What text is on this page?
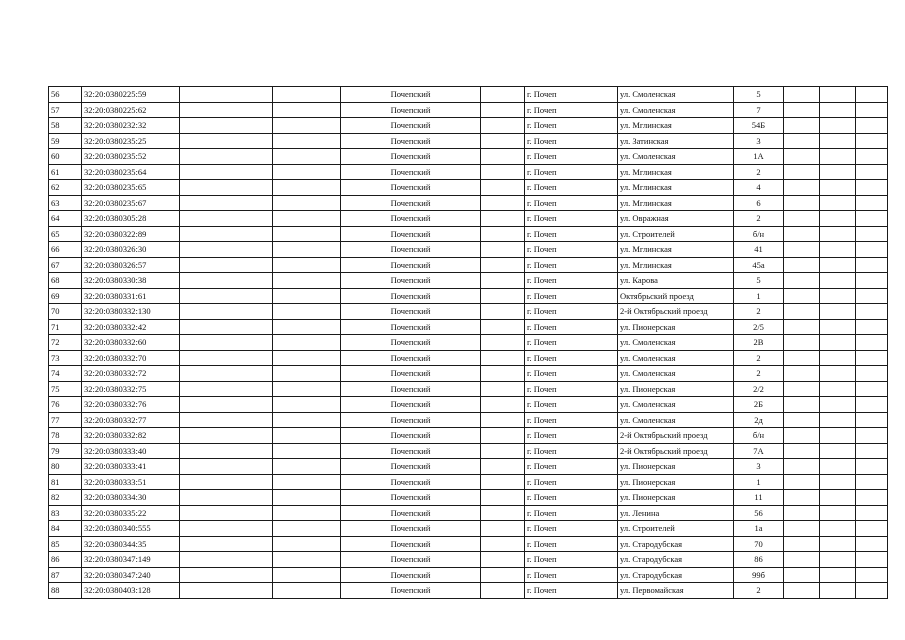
56	32:20:0380225:59			Почепский		г. Почеп	ул. Смоленская	5			
57	32:20:0380225:62			Почепский		г. Почеп	ул. Смоленская	7			
58	32:20:0380232:32			Почепский		г. Почеп	ул. Мглинская	54Б			
59	32:20:0380235:25			Почепский		г. Почеп	ул. Затинская	3			
60	32:20:0380235:52			Почепский		г. Почеп	ул. Смоленская	1А			
61	32:20:0380235:64			Почепский		г. Почеп	ул. Мглинская	2			
62	32:20:0380235:65			Почепский		г. Почеп	ул. Мглинская	4			
63	32:20:0380235:67			Почепский		г. Почеп	ул. Мглинская	6			
64	32:20:0380305:28			Почепский		г. Почеп	ул. Овражная	2			
65	32:20:0380322:89			Почепский		г. Почеп	ул. Строителей	б/н			
66	32:20:0380326:30			Почепский		г. Почеп	ул. Мглинская	41			
67	32:20:0380326:57			Почепский		г. Почеп	ул. Мглинская	45а			
68	32:20:0380330:38			Почепский		г. Почеп	ул. Карова	5			
69	32:20:0380331:61			Почепский		г. Почеп	Октябрьский проезд	1			
70	32:20:0380332:130			Почепский		г. Почеп	2-й Октябрьский проезд	2			
71	32:20:0380332:42			Почепский		г. Почеп	ул. Пионерская	2/5			
72	32:20:0380332:60			Почепский		г. Почеп	ул. Смоленская	2В			
73	32:20:0380332:70			Почепский		г. Почеп	ул. Смоленская	2			
74	32:20:0380332:72			Почепский		г. Почеп	ул. Смоленская	2			
75	32:20:0380332:75			Почепский		г. Почеп	ул. Пионерская	2/2			
76	32:20:0380332:76			Почепский		г. Почеп	ул. Смоленская	2Б			
77	32:20:0380332:77			Почепский		г. Почеп	ул. Смоленская	2д			
78	32:20:0380332:82			Почепский		г. Почеп	2-й Октябрьский проезд	б/н			
79	32:20:0380333:40			Почепский		г. Почеп	2-й Октябрьский проезд	7А			
80	32:20:0380333:41			Почепский		г. Почеп	ул. Пионерская	3			
81	32:20:0380333:51			Почепский		г. Почеп	ул. Пионерская	1			
82	32:20:0380334:30			Почепский		г. Почеп	ул. Пионерская	11			
83	32:20:0380335:22			Почепский		г. Почеп	ул. Ленина	56			
84	32:20:0380340:555			Почепский		г. Почеп	ул. Строителей	1а			
85	32:20:0380344:35			Почепский		г. Почеп	ул. Стародубская	70			
86	32:20:0380347:149			Почепский		г. Почеп	ул. Стародубская	86			
87	32:20:0380347:240			Почепский		г. Почеп	ул. Стародубская	99б			
88	32:20:0380403:128			Почепский		г. Почеп	ул. Первомайская	2			
